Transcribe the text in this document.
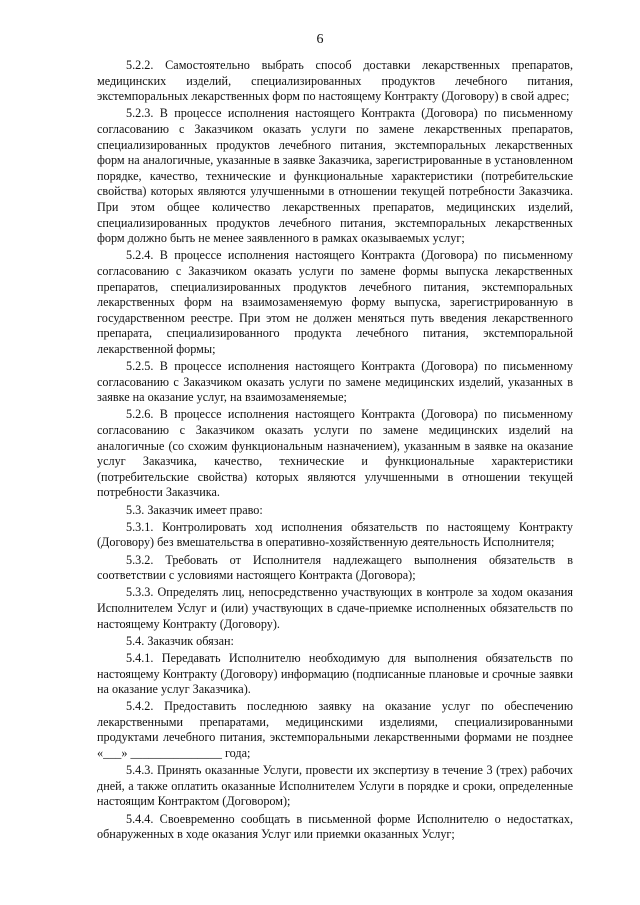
6

5.2.2. Самостоятельно выбрать способ доставки лекарственных препаратов, медицинских изделий, специализированных продуктов лечебного питания, экстемпоральных лекарственных форм по настоящему Контракту (Договору) в свой адрес;

5.2.3. В процессе исполнения настоящего Контракта (Договора) по письменному согласованию с Заказчиком оказать услуги по замене лекарственных препаратов, специализированных продуктов лечебного питания, экстемпоральных лекарственных форм на аналогичные, указанные в заявке Заказчика, зарегистрированные в установленном порядке, качество, технические и функциональные характеристики (потребительские свойства) которых являются улучшенными в отношении текущей потребности Заказчика. При этом общее количество лекарственных препаратов, медицинских изделий, специализированных продуктов лечебного питания, экстемпоральных лекарственных форм должно быть не менее заявленного в рамках оказываемых услуг;

5.2.4. В процессе исполнения настоящего Контракта (Договора) по письменному согласованию с Заказчиком оказать услуги по замене формы выпуска лекарственных препаратов, специализированных продуктов лечебного питания, экстемпоральных лекарственных форм на взаимозаменяемую форму выпуска, зарегистрированную в государственном реестре. При этом не должен меняться путь введения лекарственного препарата, специализированного продукта лечебного питания, экстемпоральной лекарственной формы;

5.2.5. В процессе исполнения настоящего Контракта (Договора) по письменному согласованию с Заказчиком оказать услуги по замене медицинских изделий, указанных в заявке на оказание услуг, на взаимозаменяемые;

5.2.6. В процессе исполнения настоящего Контракта (Договора) по письменному согласованию с Заказчиком оказать услуги по замене медицинских изделий на аналогичные (со схожим функциональным назначением), указанным в заявке на оказание услуг Заказчика, качество, технические и функциональные характеристики (потребительские свойства) которых являются улучшенными в отношении текущей потребности Заказчика.

5.3. Заказчик имеет право:

5.3.1. Контролировать ход исполнения обязательств по настоящему Контракту (Договору) без вмешательства в оперативно-хозяйственную деятельность Исполнителя;

5.3.2. Требовать от Исполнителя надлежащего выполнения обязательств в соответствии с условиями настоящего Контракта (Договора);

5.3.3. Определять лиц, непосредственно участвующих в контроле за ходом оказания Исполнителем Услуг и (или) участвующих в сдаче-приемке исполненных обязательств по настоящему Контракту (Договору).

5.4. Заказчик обязан:

5.4.1. Передавать Исполнителю необходимую для выполнения обязательств по настоящему Контракту (Договору) информацию (подписанные плановые и срочные заявки на оказание услуг Заказчика).

5.4.2. Предоставить последнюю заявку на оказание услуг по обеспечению лекарственными препаратами, медицинскими изделиями, специализированными продуктами лечебного питания, экстемпоральными лекарственными формами не позднее «___» _______________ года;

5.4.3. Принять оказанные Услуги, провести их экспертизу в течение 3 (трех) рабочих дней, а также оплатить оказанные Исполнителем Услуги в порядке и сроки, определенные настоящим Контрактом (Договором);

5.4.4. Своевременно сообщать в письменной форме Исполнителю о недостатках, обнаруженных в ходе оказания Услуг или приемки оказанных Услуг;
